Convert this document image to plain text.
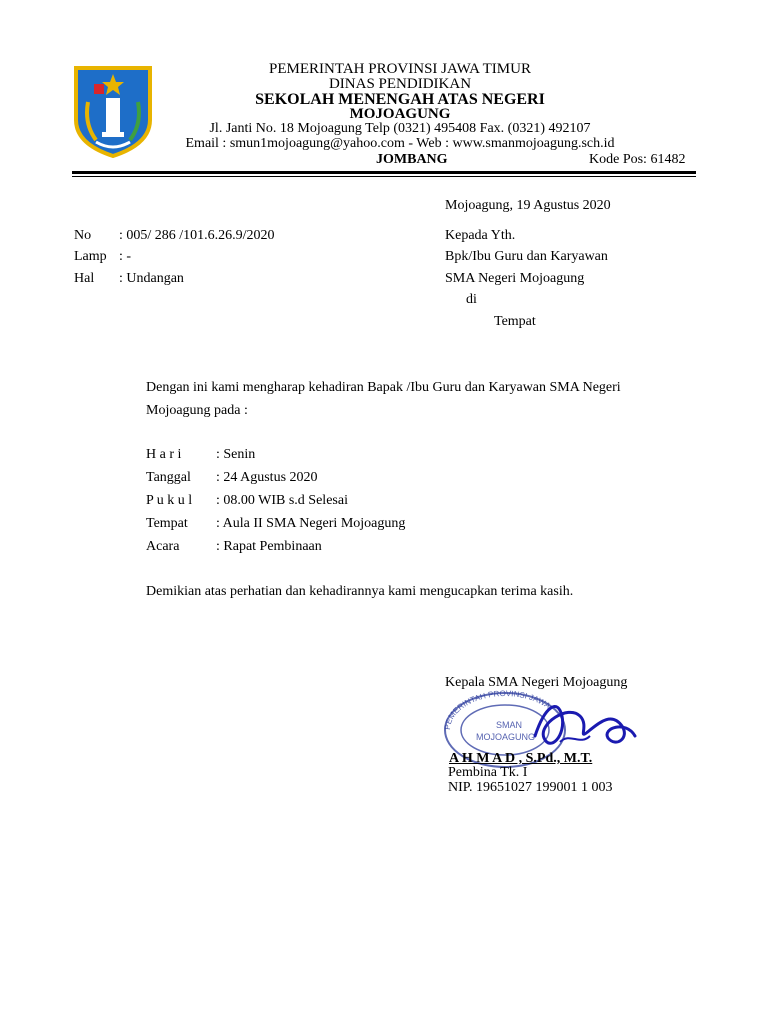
PEMERINTAH PROVINSI JAWA TIMUR
DINAS PENDIDIKAN
SEKOLAH MENENGAH ATAS NEGERI
MOJOAGUNG
Jl. Janti No. 18 Mojoagung Telp (0321) 495408 Fax. (0321) 492107
Email : smun1mojoagung@yahoo.com - Web : www.smanmojoagung.sch.id
JOMBANG	Kode Pos: 61482
Mojoagung, 19 Agustus 2020
No : 005/ 286 /101.6.26.9/2020
Lamp : -
Hal : Undangan
Kepada Yth.
Bpk/Ibu Guru dan Karyawan
SMA Negeri Mojoagung
di
Tempat
Dengan ini kami mengharap kehadiran Bapak /Ibu Guru dan Karyawan SMA Negeri
Mojoagung pada :
H a r i : Senin
Tanggal : 24 Agustus 2020
P u k u l : 08.00 WIB s.d Selesai
Tempat : Aula II SMA Negeri Mojoagung
Acara	: Rapat Pembinaan
Demikian atas perhatian dan kehadirannya kami mengucapkan terima kasih.
Kepala SMA Negeri Mojoagung
PEMERINTAH PROVINSI JAWA
SMAN
MOJOAGUNG
A H M A D , S.Pd., M.T.
Pembina Tk. I
NIP. 19651027 199001 1 003
